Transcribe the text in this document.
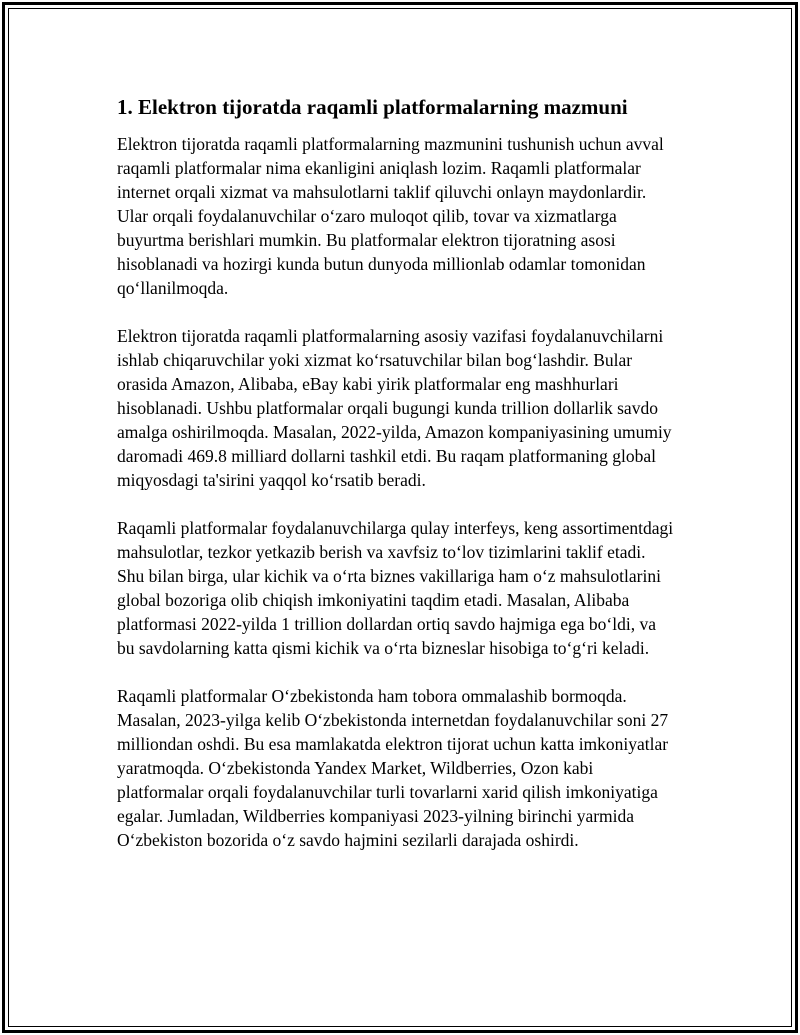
1. Elektron tijoratda raqamli platformalarning mazmuni

Elektron tijoratda raqamli platformalarning mazmunini tushunish uchun avval raqamli platformalar nima ekanligini aniqlash lozim. Raqamli platformalar internet orqali xizmat va mahsulotlarni taklif qiluvchi onlayn maydonlardir. Ular orqali foydalanuvchilar o‘zaro muloqot qilib, tovar va xizmatlarga buyurtma berishlari mumkin. Bu platformalar elektron tijoratning asosi hisoblanadi va hozirgi kunda butun dunyoda millionlab odamlar tomonidan qo‘llanilmoqda.

Elektron tijoratda raqamli platformalarning asosiy vazifasi foydalanuvchilarni ishlab chiqaruvchilar yoki xizmat ko‘rsatuvchilar bilan bog‘lashdir. Bular orasida Amazon, Alibaba, eBay kabi yirik platformalar eng mashhurlari hisoblanadi. Ushbu platformalar orqali bugungi kunda trillion dollarlik savdo amalga oshirilmoqda. Masalan, 2022-yilda, Amazon kompaniyasining umumiy daromadi 469.8 milliard dollarni tashkil etdi. Bu raqam platformaning global miqyosdagi ta'sirini yaqqol ko‘rsatib beradi.

Raqamli platformalar foydalanuvchilarga qulay interfeys, keng assortimentdagi mahsulotlar, tezkor yetkazib berish va xavfsiz to‘lov tizimlarini taklif etadi. Shu bilan birga, ular kichik va o‘rta biznes vakillariga ham o‘z mahsulotlarini global bozoriga olib chiqish imkoniyatini taqdim etadi. Masalan, Alibaba platformasi 2022-yilda 1 trillion dollardan ortiq savdo hajmiga ega bo‘ldi, va bu savdolarning katta qismi kichik va o‘rta bizneslar hisobiga to‘g‘ri keladi.

Raqamli platformalar O‘zbekistonda ham tobora ommalashib bormoqda. Masalan, 2023-yilga kelib O‘zbekistonda internetdan foydalanuvchilar soni 27 milliondan oshdi. Bu esa mamlakatda elektron tijorat uchun katta imkoniyatlar yaratmoqda. O‘zbekistonda Yandex Market, Wildberries, Ozon kabi platformalar orqali foydalanuvchilar turli tovarlarni xarid qilish imkoniyatiga egalar. Jumladan, Wildberries kompaniyasi 2023-yilning birinchi yarmida O‘zbekiston bozorida o‘z savdo hajmini sezilarli darajada oshirdi.
